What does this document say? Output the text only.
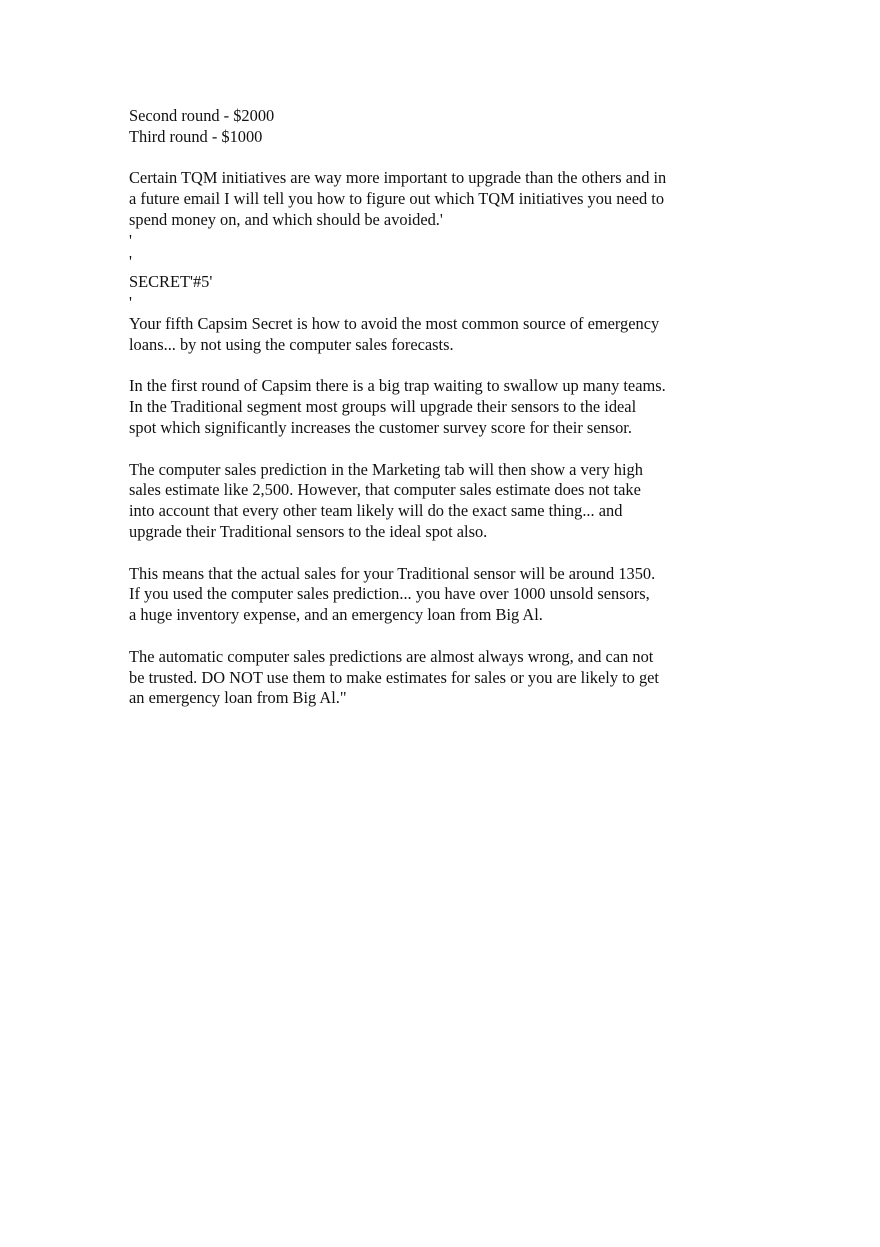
Second round - $2000
Third round - $1000
Certain TQM initiatives are way more important to upgrade than the others and in
a future email I will tell you how to figure out which TQM initiatives you need to
spend money on, and which should be avoided.'
'
'
SECRET'#5'
'
Your fifth Capsim Secret is how to avoid the most common source of emergency
loans... by not using the computer sales forecasts.
In the first round of Capsim there is a big trap waiting to swallow up many teams.
In the Traditional segment most groups will upgrade their sensors to the ideal
spot which significantly increases the customer survey score for their sensor.
The computer sales prediction in the Marketing tab will then show a very high
sales estimate like 2,500. However, that computer sales estimate does not take
into account that every other team likely will do the exact same thing... and
upgrade their Traditional sensors to the ideal spot also.
This means that the actual sales for your Traditional sensor will be around 1350.
If you used the computer sales prediction... you have over 1000 unsold sensors,
a huge inventory expense, and an emergency loan from Big Al.
The automatic computer sales predictions are almost always wrong, and can not
be trusted. DO NOT use them to make estimates for sales or you are likely to get
an emergency loan from Big Al."
